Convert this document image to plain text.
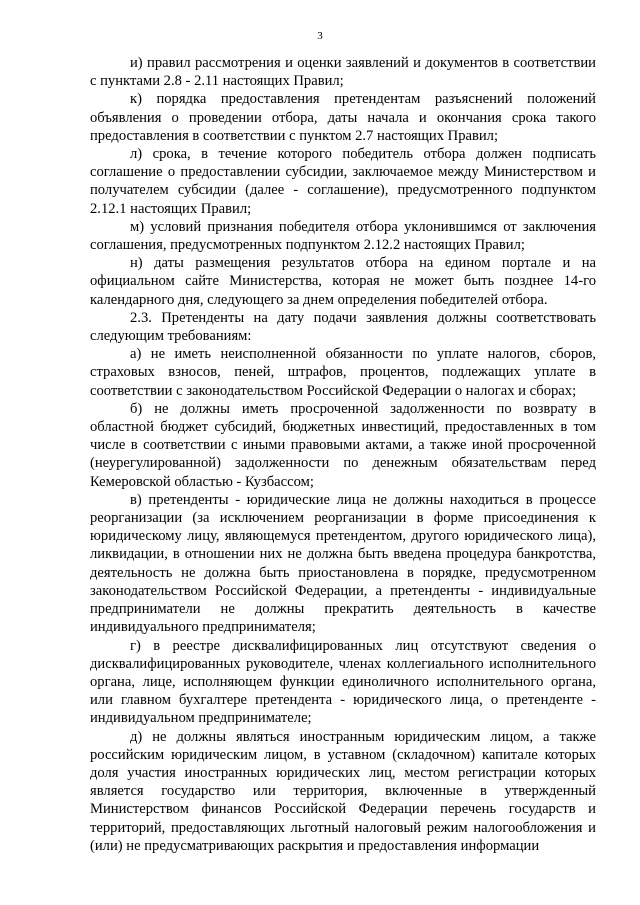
3

и) правил рассмотрения и оценки заявлений и документов в соответствии с пунктами 2.8 - 2.11 настоящих Правил;

к) порядка предоставления претендентам разъяснений положений объявления о проведении отбора, даты начала и окончания срока такого предоставления в соответствии с пунктом 2.7 настоящих Правил;

л) срока, в течение которого победитель отбора должен подписать соглашение о предоставлении субсидии, заключаемое между Министерством и получателем субсидии (далее - соглашение), предусмотренного подпунктом 2.12.1 настоящих Правил;

м) условий признания победителя отбора уклонившимся от заключения соглашения, предусмотренных подпунктом 2.12.2 настоящих Правил;

н) даты размещения результатов отбора на едином портале и на официальном сайте Министерства, которая не может быть позднее 14-го календарного дня, следующего за днем определения победителей отбора.

2.3. Претенденты на дату подачи заявления должны соответствовать следующим требованиям:

а) не иметь неисполненной обязанности по уплате налогов, сборов, страховых взносов, пеней, штрафов, процентов, подлежащих уплате в соответствии с законодательством Российской Федерации о налогах и сборах;

б) не должны иметь просроченной задолженности по возврату в областной бюджет субсидий, бюджетных инвестиций, предоставленных в том числе в соответствии с иными правовыми актами, а также иной просроченной (неурегулированной) задолженности по денежным обязательствам перед Кемеровской областью - Кузбассом;

в) претенденты - юридические лица не должны находиться в процессе реорганизации (за исключением реорганизации в форме присоединения к юридическому лицу, являющемуся претендентом, другого юридического лица), ликвидации, в отношении них не должна быть введена процедура банкротства, деятельность не должна быть приостановлена в порядке, предусмотренном законодательством Российской Федерации, а претенденты - индивидуальные предприниматели не должны прекратить деятельность в качестве индивидуального предпринимателя;

г) в реестре дисквалифицированных лиц отсутствуют сведения о дисквалифицированных руководителе, членах коллегиального исполнительного органа, лице, исполняющем функции единоличного исполнительного органа, или главном бухгалтере претендента - юридического лица, о претенденте - индивидуальном предпринимателе;

д) не должны являться иностранным юридическим лицом, а также российским юридическим лицом, в уставном (складочном) капитале которых доля участия иностранных юридических лиц, местом регистрации которых является государство или территория, включенные в утвержденный Министерством финансов Российской Федерации перечень государств и территорий, предоставляющих льготный налоговый режим налогообложения и (или) не предусматривающих раскрытия и предоставления информации
